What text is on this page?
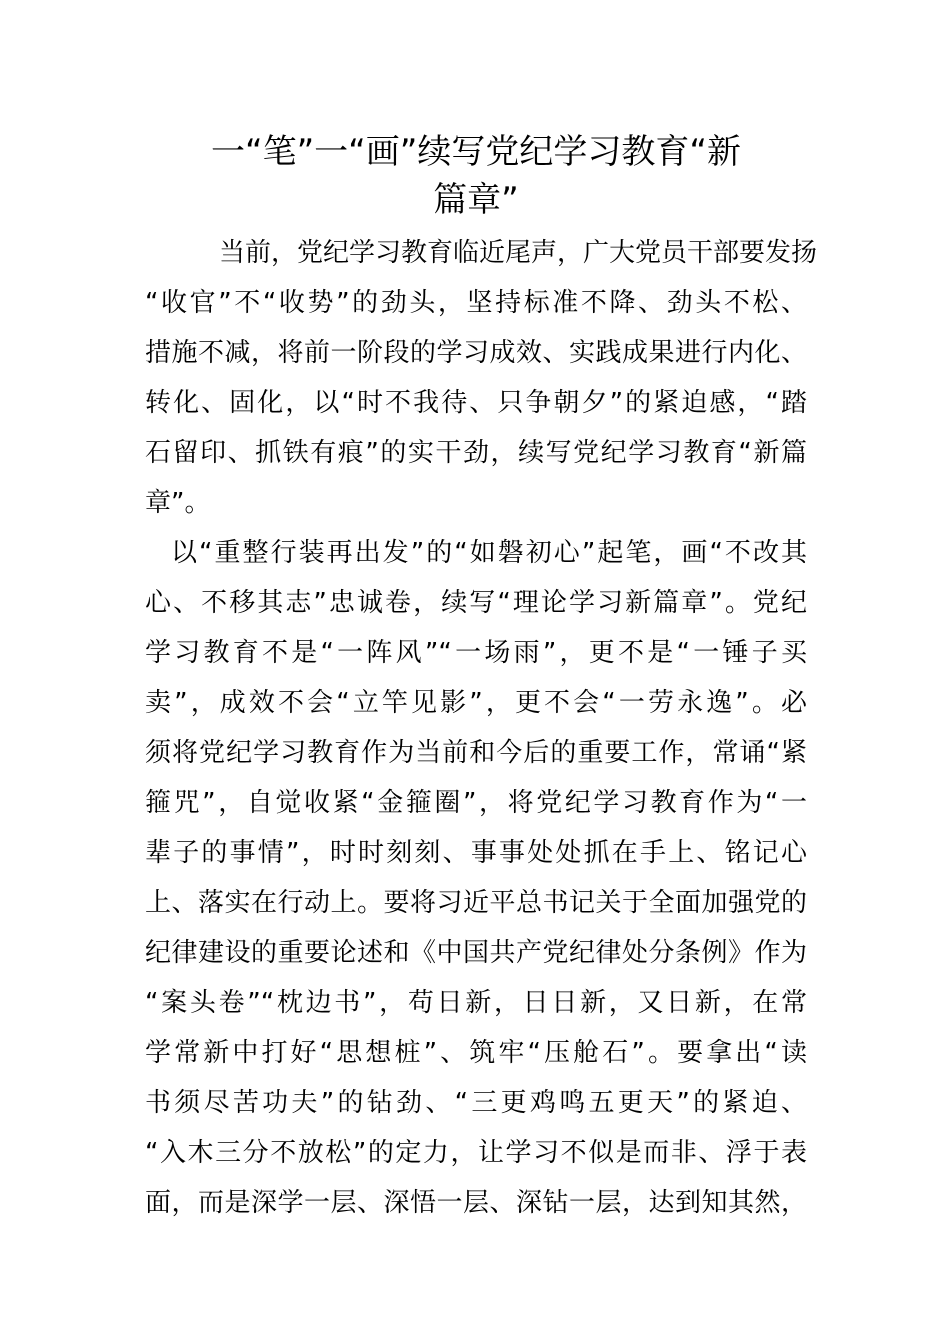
一“笔”一“画”续写党纪学习教育“新
篇章”
当前，党纪学习教育临近尾声，广大党员干部要发扬
“收官”不“收势”的劲头，坚持标准不降、劲头不松、
措施不减，将前一阶段的学习成效、实践成果进行内化、
转化、固化，以“时不我待、只争朝夕”的紧迫感，“踏
石留印、抓铁有痕”的实干劲，续写党纪学习教育“新篇
章”。
以“重整行装再出发”的“如磐初心”起笔，画“不改其
心、不移其志”忠诚卷，续写“理论学习新篇章”。党纪
学习教育不是“一阵风”“一场雨”，更不是“一锤子买
卖”，成效不会“立竿见影”，更不会“一劳永逸”。必
须将党纪学习教育作为当前和今后的重要工作，常诵“紧
箍咒”，自觉收紧“金箍圈”，将党纪学习教育作为“一
辈子的事情”，时时刻刻、事事处处抓在手上、铭记心
上、落实在行动上。要将习近平总书记关于全面加强党的
纪律建设的重要论述和《中国共产党纪律处分条例》作为
“案头卷”“枕边书”，苟日新，日日新，又日新，在常
学常新中打好“思想桩”、筑牢“压舱石”。要拿出“读
书须尽苦功夫”的钻劲、“三更鸡鸣五更天”的紧迫、
“入木三分不放松”的定力，让学习不似是而非、浮于表
面，而是深学一层、深悟一层、深钻一层，达到知其然，
